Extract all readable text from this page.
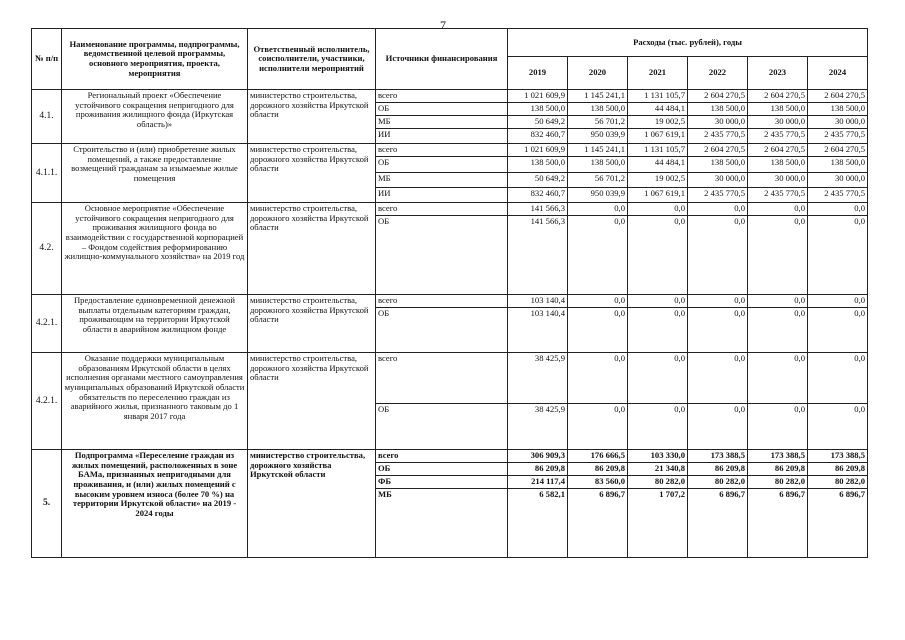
7
№ п/п	Наименование программы, подпрограммы, ведомственной целевой программы, основного мероприятия, проекта, мероприятия	Ответственный исполнитель, соисполнители, участники, исполнители мероприятий	Источники финансирования	Расходы (тыс. рублей), годы					
				2019	2020	2021	2022	2023	2024
4.1.	Региональный проект «Обеспечение устойчивого сокращения непригодного для проживания жилищного фонда (Иркутская область)»	министерство строительства, дорожного хозяйства Иркутской области	всего	1 021 609,9	1 145 241,1	1 131 105,7	2 604 270,5	2 604 270,5	2 604 270,5
			ОБ	138 500,0	138 500,0	44 484,1	138 500,0	138 500,0	138 500,0
			МБ	50 649,2	56 701,2	19 002,5	30 000,0	30 000,0	30 000,0
			ИИ	832 460,7	950 039,9	1 067 619,1	2 435 770,5	2 435 770,5	2 435 770,5
4.1.1.	Строительство и (или) приобретение жилых помещений, а также предоставление возмещений гражданам за изымаемые жилые помещения	министерство строительства, дорожного хозяйства Иркутской области	всего	1 021 609,9	1 145 241,1	1 131 105,7	2 604 270,5	2 604 270,5	2 604 270,5
			ОБ	138 500,0	138 500,0	44 484,1	138 500,0	138 500,0	138 500,0
			МБ	50 649,2	56 701,2	19 002,5	30 000,0	30 000,0	30 000,0
			ИИ	832 460,7	950 039,9	1 067 619,1	2 435 770,5	2 435 770,5	2 435 770,5
4.2.	Основное мероприятие «Обеспечение устойчивого сокращения непригодного для проживания жилищного фонда во взаимодействии с государственной корпорацией – Фондом содействия реформированию жилищно-коммунального хозяйства» на 2019 год	министерство строительства, дорожного хозяйства Иркутской области	всего	141 566,3	0,0	0,0	0,0	0,0	0,0
			ОБ	141 566,3	0,0	0,0	0,0	0,0	0,0
4.2.1.	Предоставление единовременной денежной выплаты отдельным категориям граждан, проживающим на территории Иркутской области в аварийном жилищном фонде	министерство строительства, дорожного хозяйства Иркутской области	всего	103 140,4	0,0	0,0	0,0	0,0	0,0
			ОБ	103 140,4	0,0	0,0	0,0	0,0	0,0
4.2.1.	Оказание поддержки муниципальным образованиям Иркутской области в целях исполнения органами местного самоуправления муниципальных образований Иркутской области обязательств по переселению граждан из аварийного жилья, признанного таковым до 1 января 2017 года	министерство строительства, дорожного хозяйства Иркутской области	всего	38 425,9	0,0	0,0	0,0	0,0	0,0
			ОБ	38 425,9	0,0	0,0	0,0	0,0	0,0
5.	Подпрограмма «Переселение граждан из жилых помещений, расположенных в зоне БАМа, признанных непригодными для проживания, и (или) жилых помещений с высоким уровнем износа (более 70 %) на территории Иркутской области» на 2019 - 2024 годы	министерство строительства, дорожного хозяйства Иркутской области	всего	306 909,3	176 666,5	103 330,0	173 388,5	173 388,5	173 388,5
			ОБ	86 209,8	86 209,8	21 340,8	86 209,8	86 209,8	86 209,8
			ФБ	214 117,4	83 560,0	80 282,0	80 282,0	80 282,0	80 282,0
			МБ	6 582,1	6 896,7	1 707,2	6 896,7	6 896,7	6 896,7
